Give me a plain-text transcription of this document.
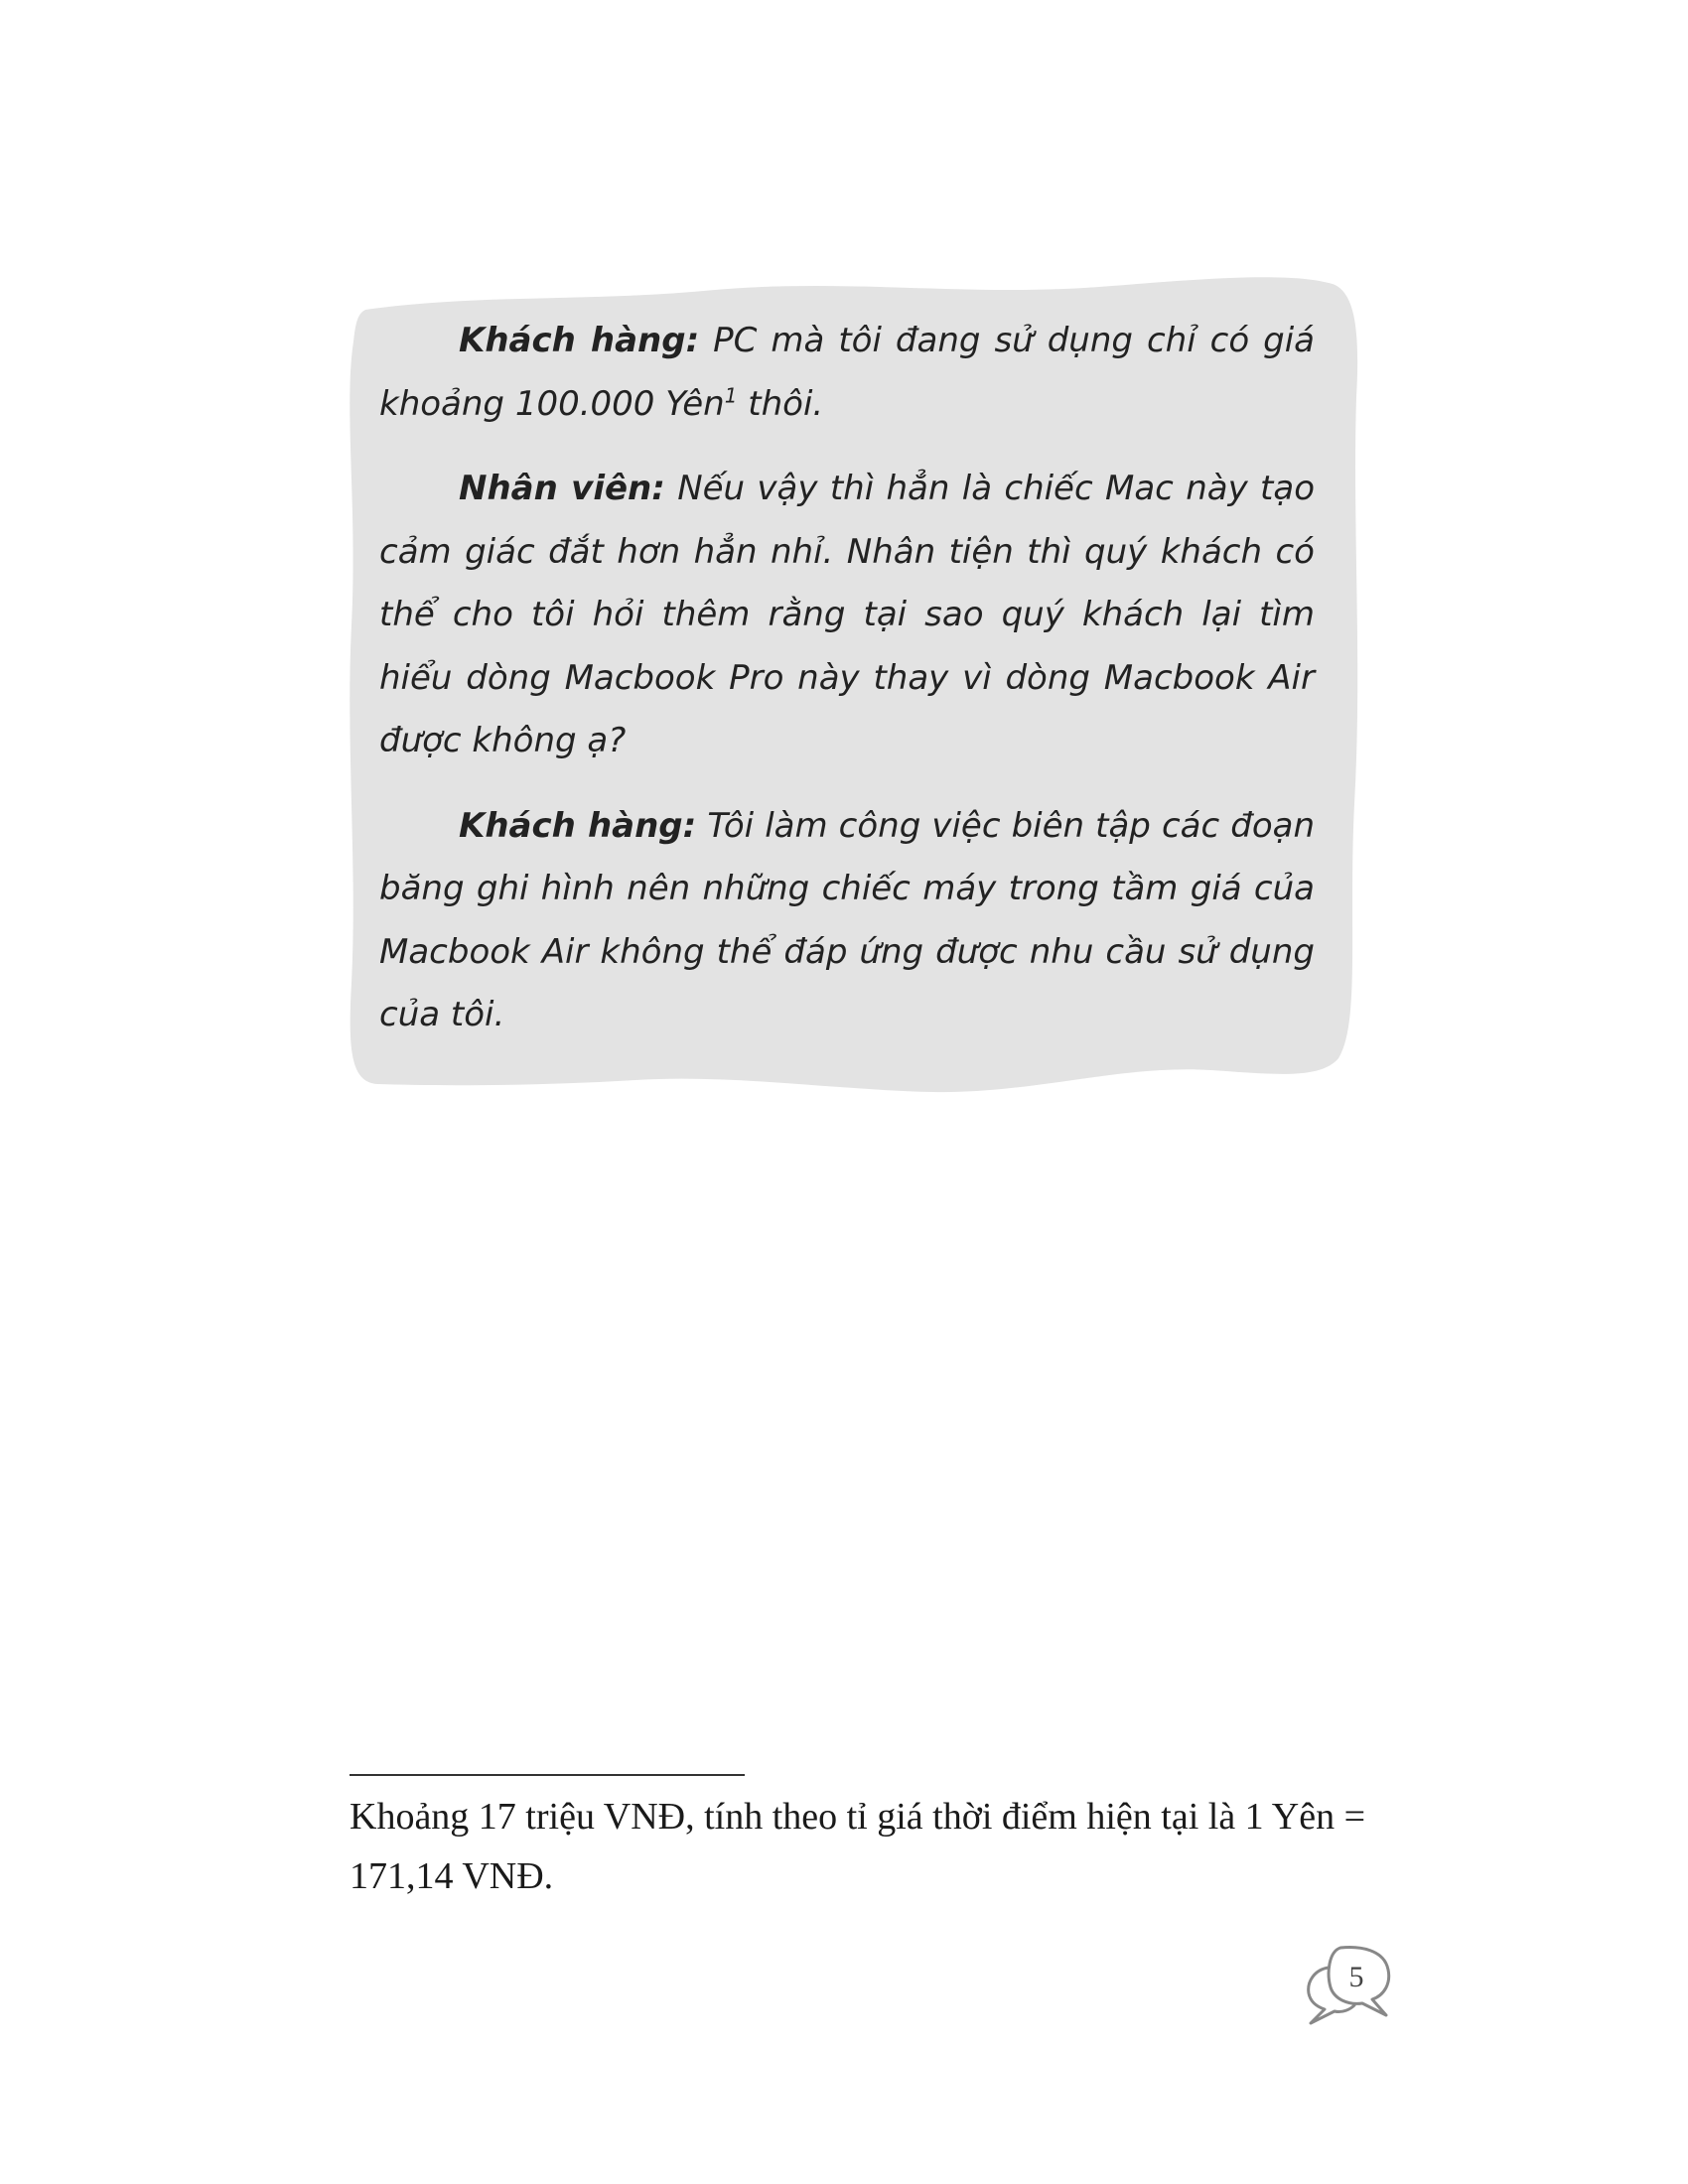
Khách hàng: PC mà tôi đang sử dụng chỉ có giá khoảng 100.000 Yên$^1$ thôi.

Nhân viên: Nếu vậy thì hẳn là chiếc Mac này tạo cảm giác đắt hơn hẳn nhỉ. Nhân tiện thì quý khách có thể cho tôi hỏi thêm rằng tại sao quý khách lại tìm hiểu dòng Macbook Pro này thay vì dòng Macbook Air được không ạ?

Khách hàng: Tôi làm công việc biên tập các đoạn băng ghi hình nên những chiếc máy trong tầm giá của Macbook Air không thể đáp ứng được nhu cầu sử dụng của tôi.

Khoảng 17 triệu VNĐ, tính theo tỉ giá thời điểm hiện tại là 1 Yên = 171,14 VNĐ.
5
